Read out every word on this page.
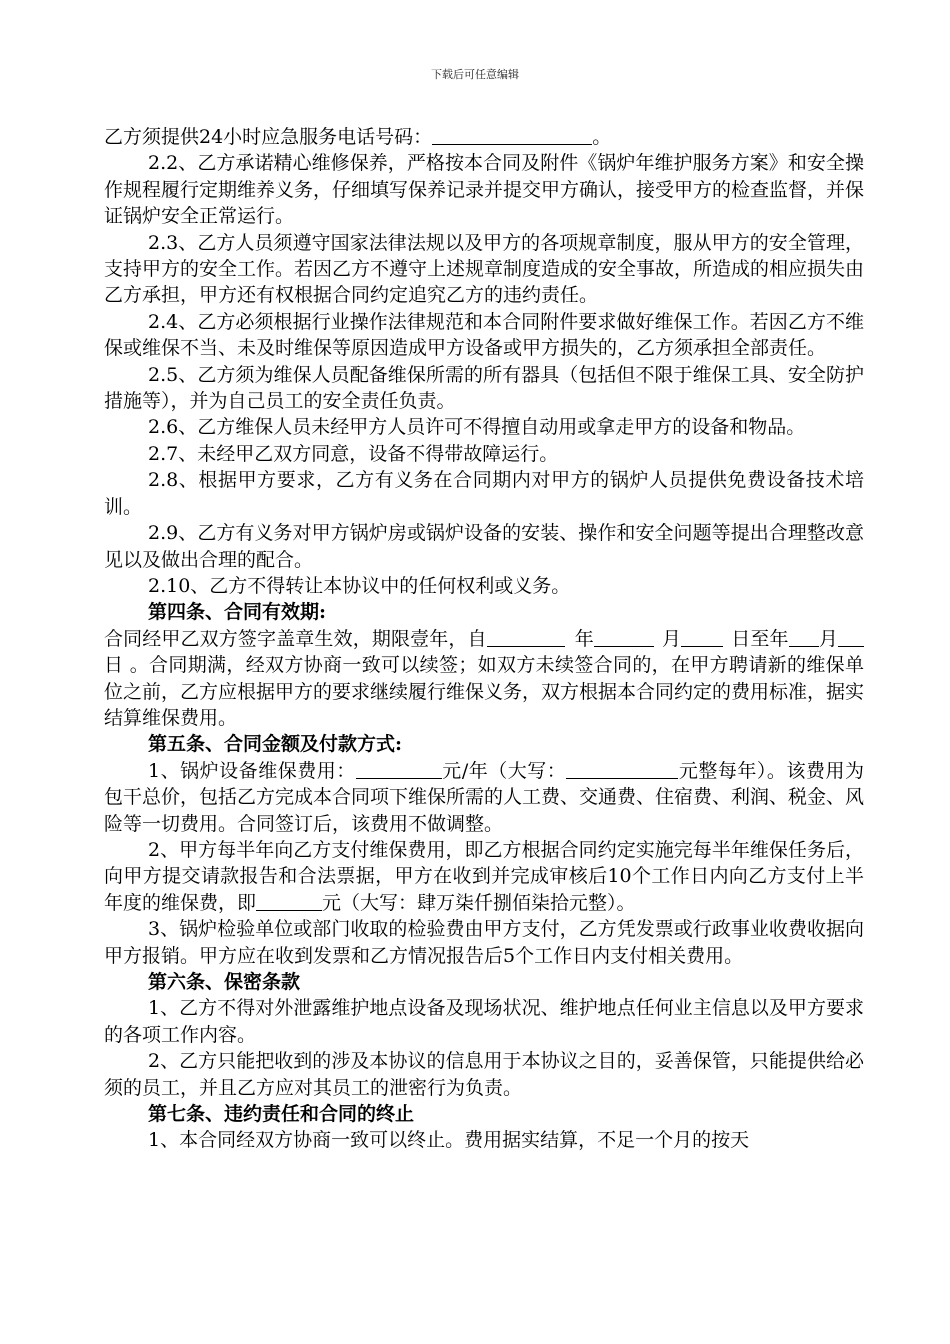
下载后可任意编辑

乙方须提供24小时应急服务电话号码：	。

2.2、乙方承诺精心维修保养，严格按本合同及附件《锅炉年维护服务方案》和安全操作规程履行定期维养义务，仔细填写保养记录并提交甲方确认，接受甲方的检查监督，并保证锅炉安全正常运行。

2.3、乙方人员须遵守国家法律法规以及甲方的各项规章制度，服从甲方的安全管理，支持甲方的安全工作。若因乙方不遵守上述规章制度造成的安全事故，所造成的相应损失由乙方承担，甲方还有权根据合同约定追究乙方的违约责任。

2.4、乙方必须根据行业操作法律规范和本合同附件要求做好维保工作。若因乙方不维保或维保不当、未及时维保等原因造成甲方设备或甲方损失的，乙方须承担全部责任。

2.5、乙方须为维保人员配备维保所需的所有器具（包括但不限于维保工具、安全防护措施等），并为自己员工的安全责任负责。

2.6、乙方维保人员未经甲方人员许可不得擅自动用或拿走甲方的设备和物品。

2.7、未经甲乙双方同意，设备不得带故障运行。

2.8、根据甲方要求，乙方有义务在合同期内对甲方的锅炉人员提供免费设备技术培训。

2.9、乙方有义务对甲方锅炉房或锅炉设备的安装、操作和安全问题等提出合理整改意见以及做出合理的配合。

2.10、乙方不得转让本协议中的任何权利或义务。

第四条、合同有效期:

合同经甲乙双方签字盖章生效，期限壹年，自	年	月	日至年 月日 。合同期满，经双方协商一致可以续签；如双方未续签合同的，在甲方聘请新的维保单位之前，乙方应根据甲方的要求继续履行维保义务，双方根据本合同约定的费用标准，据实结算维保费用。

第五条、合同金额及付款方式:

1、锅炉设备维保费用：	元/年（大写：	元整每年）。该费用为包干总价，包括乙方完成本合同项下维保所需的人工费、交通费、住宿费、利润、税金、风险等一切费用。合同签订后，该费用不做调整。

2、甲方每半年向乙方支付维保费用，即乙方根据合同约定实施完每半年维保任务后，向甲方提交请款报告和合法票据，甲方在收到并完成审核后10个工作日内向乙方支付上半年度的维保费，即	元（大写：肆万柒仟捌佰柒拾元整）。

3、锅炉检验单位或部门收取的检验费由甲方支付，乙方凭发票或行政事业收费收据向甲方报销。甲方应在收到发票和乙方情况报告后5个工作日内支付相关费用。

第六条、保密条款

1、乙方不得对外泄露维护地点设备及现场状况、维护地点任何业主信息以及甲方要求的各项工作内容。

2、乙方只能把收到的涉及本协议的信息用于本协议之目的，妥善保管，只能提供给必须的员工，并且乙方应对其员工的泄密行为负责。

第七条、违约责任和合同的终止

1、本合同经双方协商一致可以终止。费用据实结算，不足一个月的按天
